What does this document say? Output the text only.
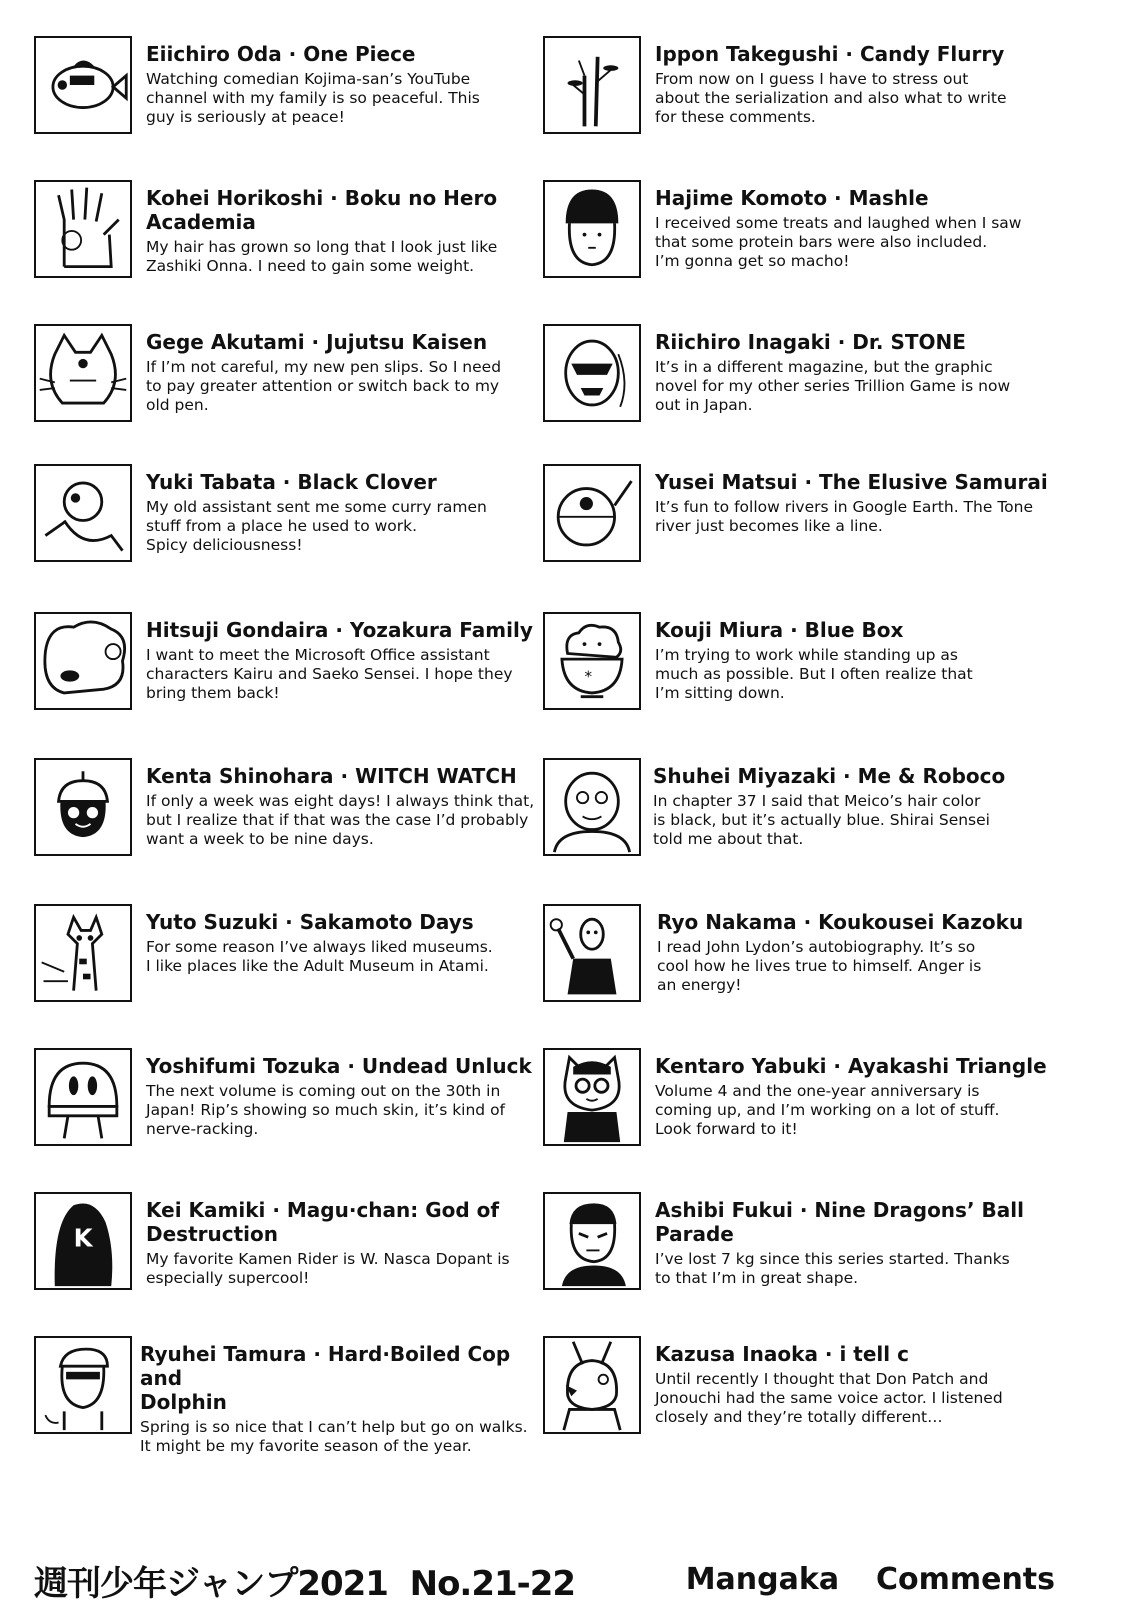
Eiichiro Oda · One Piece

Watching comedian Kojima-san’s YouTube
channel with my family is so peaceful. This
guy is seriously at peace!

Kohei Horikoshi · Boku no Hero
Academia

My hair has grown so long that I look just like
Zashiki Onna. I need to gain some weight.

Gege Akutami · Jujutsu Kaisen

If I’m not careful, my new pen slips. So I need
to pay greater attention or switch back to my
old pen.

Yuki Tabata · Black Clover

My old assistant sent me some curry ramen
stuff from a place he used to work.
Spicy deliciousness!

Hitsuji Gondaira · Yozakura Family

I want to meet the Microsoft Office assistant
characters Kairu and Saeko Sensei. I hope they
bring them back!

Kenta Shinohara · WITCH WATCH

If only a week was eight days! I always think that,
but I realize that if that was the case I’d probably
want a week to be nine days.

Yuto Suzuki · Sakamoto Days

For some reason I’ve always liked museums.
I like places like the Adult Museum in Atami.

Yoshifumi Tozuka · Undead Unluck

The next volume is coming out on the 30th in
Japan! Rip’s showing so much skin, it’s kind of
nerve-racking.

K

Kei Kamiki · Magu·chan: God of
Destruction

My favorite Kamen Rider is W. Nasca Dopant is
especially supercool!

Ryuhei Tamura · Hard·Boiled Cop and
Dolphin

Spring is so nice that I can’t help but go on walks.
It might be my favorite season of the year.

Ippon Takegushi · Candy Flurry

From now on I guess I have to stress out
about the serialization and also what to write
for these comments.

Hajime Komoto · Mashle

I received some treats and laughed when I saw
that some protein bars were also included.
I’m gonna get so macho!

Riichiro Inagaki · Dr. STONE

It’s in a different magazine, but the graphic
novel for my other series Trillion Game is now
out in Japan.

Yusei Matsui · The Elusive Samurai

It’s fun to follow rivers in Google Earth. The Tone
river just becomes like a line.

*

Kouji Miura · Blue Box

I’m trying to work while standing up as
much as possible. But I often realize that
I’m sitting down.

Shuhei Miyazaki · Me & Roboco

In chapter 37 I said that Meico’s hair color
is black, but it’s actually blue. Shirai Sensei
told me about that.

Ryo Nakama · Koukousei Kazoku

I read John Lydon’s autobiography. It’s so
cool how he lives true to himself. Anger is
an energy!

Kentaro Yabuki · Ayakashi Triangle

Volume 4 and the one-year anniversary is
coming up, and I’m working on a lot of stuff.
Look forward to it!

Ashibi Fukui · Nine Dragons’ Ball
Parade

I’ve lost 7 kg since this series started. Thanks
to that I’m in great shape.

Kazusa Inaoka · i tell c

Until recently I thought that Don Patch and
Jonouchi had the same voice actor. I listened
closely and they’re totally different…

週刊少年ジャンプ2021  No.21-22	Mangaka  Comments
